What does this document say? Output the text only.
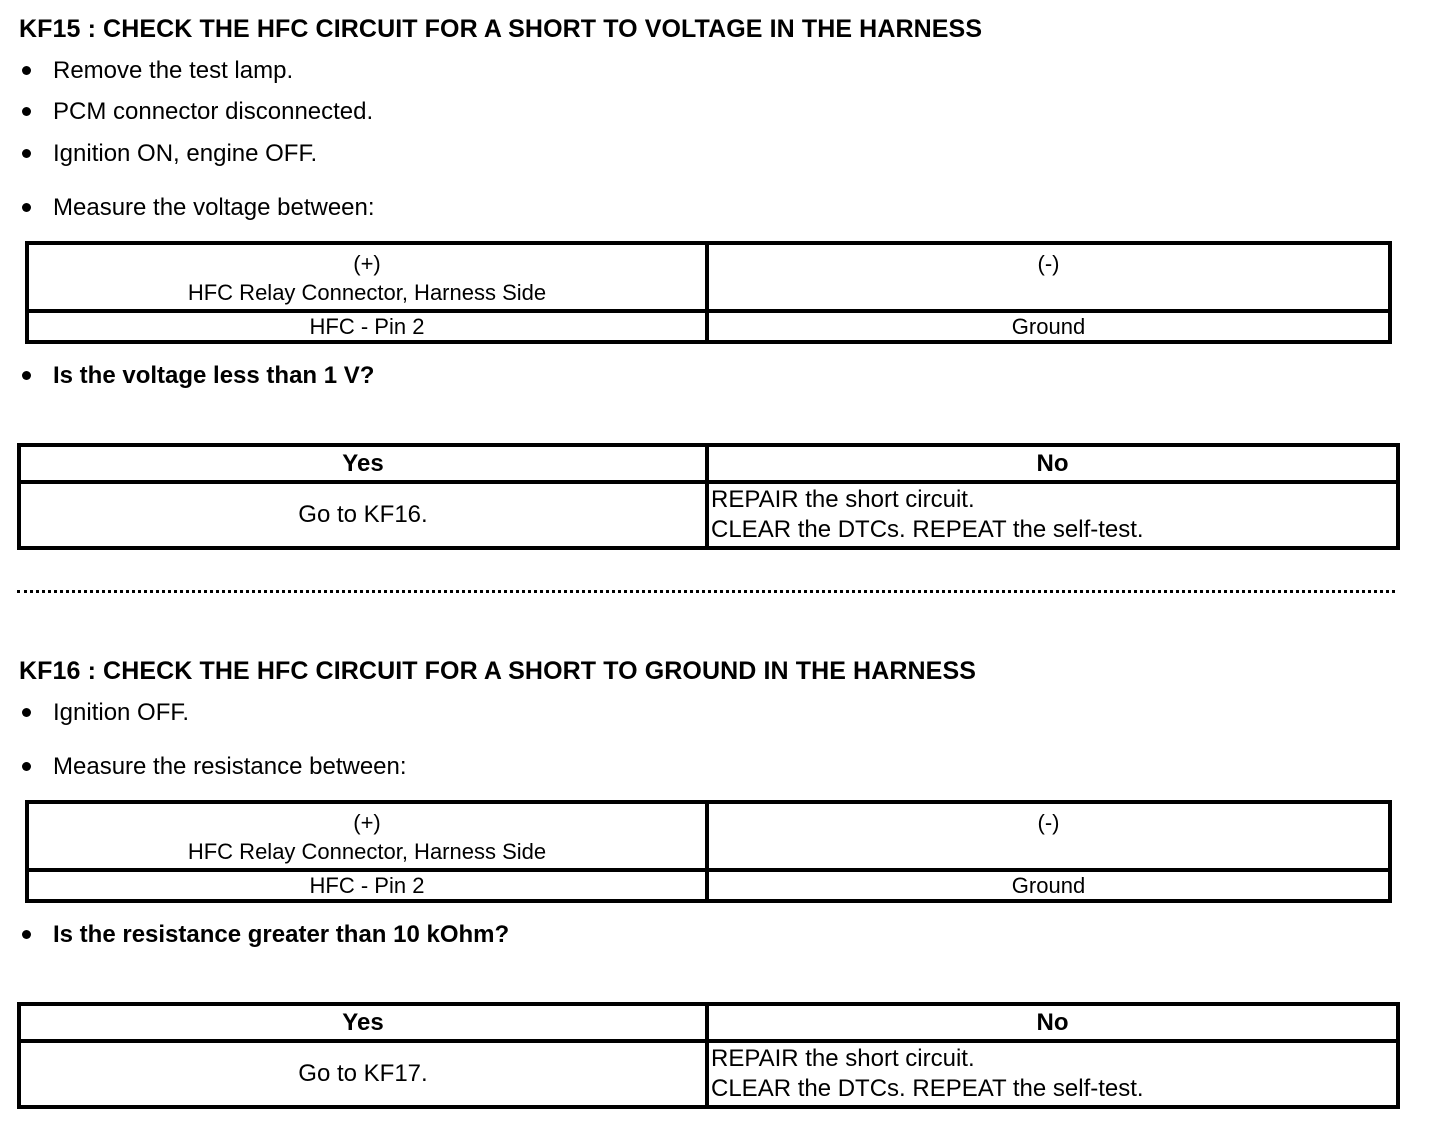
KF15 : CHECK THE HFC CIRCUIT FOR A SHORT TO VOLTAGE IN THE HARNESS
Remove the test lamp.
PCM connector disconnected.
Ignition ON, engine OFF.
Measure the voltage between:
(+)
HFC Relay Connector, Harness Side	(-)
HFC - Pin 2	Ground
Is the voltage less than 1 V?
Yes	No
Go to KF16.	REPAIR the short circuit.
CLEAR the DTCs. REPEAT the self-test.
KF16 : CHECK THE HFC CIRCUIT FOR A SHORT TO GROUND IN THE HARNESS
Ignition OFF.
Measure the resistance between:
(+)
HFC Relay Connector, Harness Side	(-)
HFC - Pin 2	Ground
Is the resistance greater than 10 kOhm?
Yes	No
Go to KF17.	REPAIR the short circuit.
CLEAR the DTCs. REPEAT the self-test.
